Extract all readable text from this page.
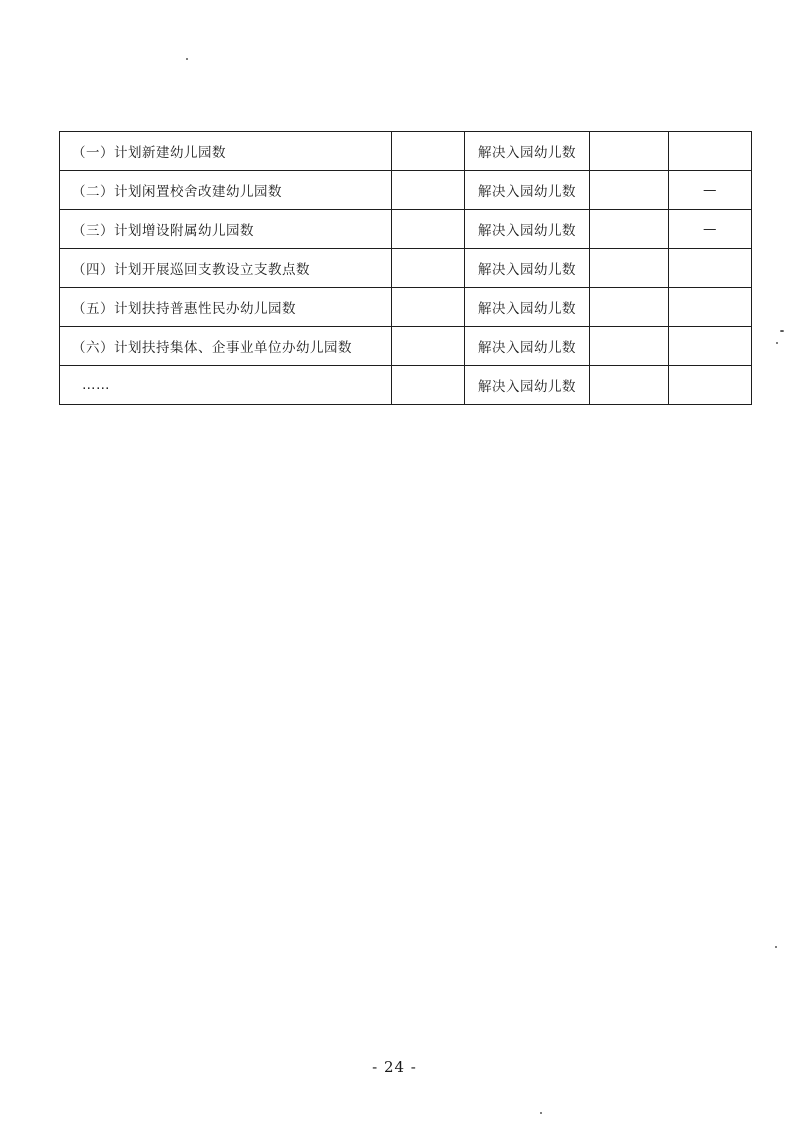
（一）计划新建幼儿园数		解决入园幼儿数		
（二）计划闲置校舍改建幼儿园数		解决入园幼儿数		—
（三）计划增设附属幼儿园数		解决入园幼儿数		—
（四）计划开展巡回支教设立支教点数		解决入园幼儿数		
（五）计划扶持普惠性民办幼儿园数		解决入园幼儿数		
（六）计划扶持集体、企事业单位办幼儿园数		解决入园幼儿数		
……		解决入园幼儿数		
- 24 -
